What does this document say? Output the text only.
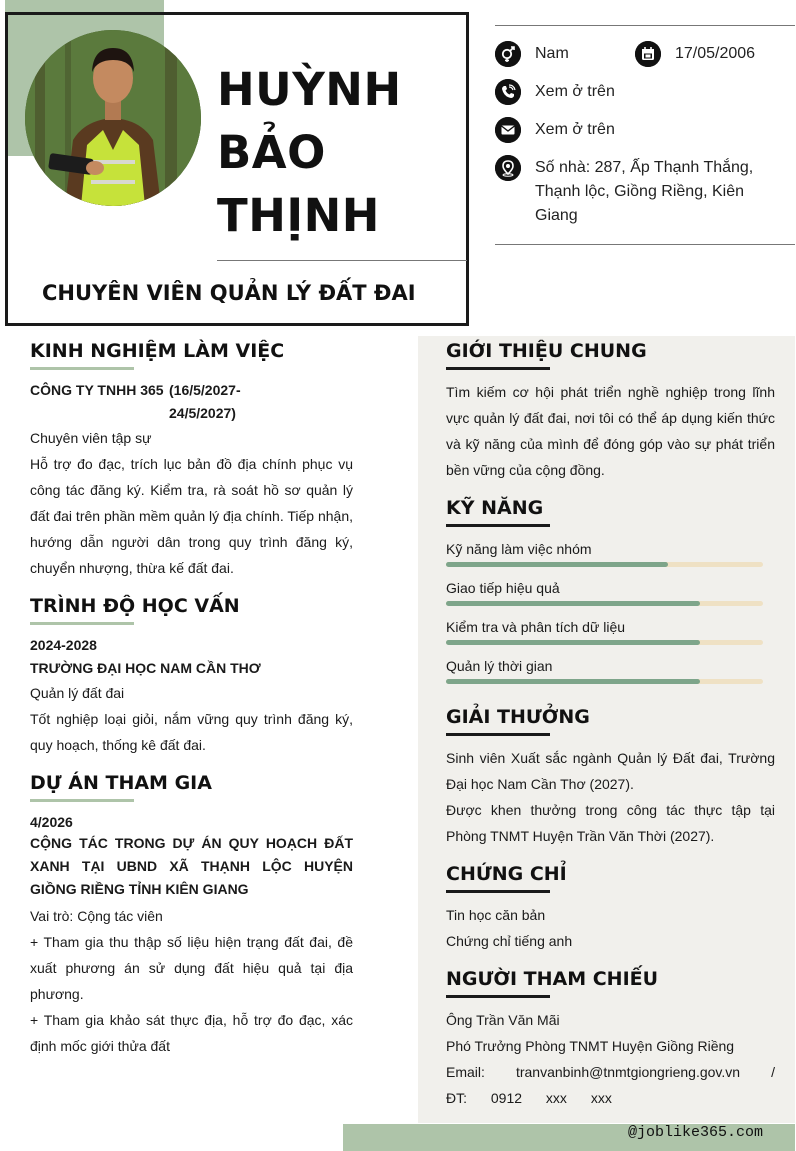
HUỲNH
BẢO
THỊNH
CHUYÊN VIÊN QUẢN LÝ ĐẤT ĐAI
Nam	17/05/2006
Xem ở trên
Xem ở trên
Số nhà: 287, Ấp Thạnh Thắng,
Thạnh lộc, Giồng Riềng, Kiên
Giang
KINH NGHIỆM LÀM VIỆC
CÔNG TY TNHH 365 (16/5/2027-
24/5/2027)
Chuyên viên tập sự
Hỗ trợ đo đạc, trích lục bản đồ địa chính phục vụ công tác đăng ký. Kiểm tra, rà soát hồ sơ quản lý đất đai trên phần mềm quản lý địa chính. Tiếp nhận, hướng dẫn người dân trong quy trình đăng ký, chuyển nhượng, thừa kế đất đai.
TRÌNH ĐỘ HỌC VẤN
2024-2028
TRƯỜNG ĐẠI HỌC NAM CẦN THƠ
Quản lý đất đai
Tốt nghiệp loại giỏi, nắm vững quy trình đăng ký, quy hoạch, thống kê đất đai.
DỰ ÁN THAM GIA
4/2026
CỘNG TÁC TRONG DỰ ÁN QUY HOẠCH ĐẤT XANH TẠI UBND XÃ THẠNH LỘC HUYỆN GIỒNG RIỀNG TỈNH KIÊN GIANG
Vai trò: Cộng tác viên
+ Tham gia thu thập số liệu hiện trạng đất đai, đề xuất phương án sử dụng đất hiệu quả tại địa phương.
+ Tham gia khảo sát thực địa, hỗ trợ đo đạc, xác định mốc giới thửa đất
GIỚI THIỆU CHUNG
Tìm kiếm cơ hội phát triển nghề nghiệp trong lĩnh vực quản lý đất đai, nơi tôi có thể áp dụng kiến thức và kỹ năng của mình để đóng góp vào sự phát triển bền vững của cộng đồng.
KỸ NĂNG
Kỹ năng làm việc nhóm
Giao tiếp hiệu quả
Kiểm tra và phân tích dữ liệu
Quản lý thời gian
GIẢI THƯỞNG
Sinh viên Xuất sắc ngành Quản lý Đất đai, Trường Đại học Nam Cần Thơ (2027).
Được khen thưởng trong công tác thực tập tại Phòng TNMT Huyện Trần Văn Thời (2027).
CHỨNG CHỈ
Tin học căn bản
Chứng chỉ tiếng anh
NGƯỜI THAM CHIẾU
Ông Trần Văn Mãi
Phó Trưởng Phòng TNMT Huyện Giồng Riềng
Email: tranvanbinh@tnmtgiongrieng.gov.vn / ĐT: 0912 xxx xxx
@joblike365.com
